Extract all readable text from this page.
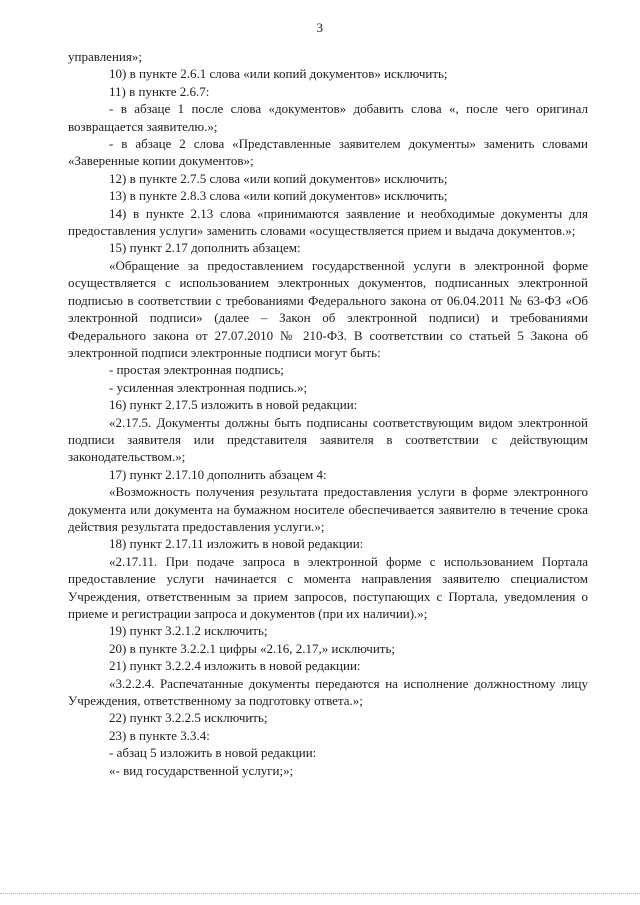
3

управления»;

10) в пункте 2.6.1 слова «или копий документов» исключить;

11) в пункте 2.6.7:

- в абзаце 1 после слова «документов» добавить слова «, после чего оригинал возвращается заявителю.»;

- в абзаце 2 слова «Представленные заявителем документы» заменить словами «Заверенные копии документов»;

12) в пункте 2.7.5 слова «или копий документов» исключить;

13) в пункте 2.8.3 слова «или копий документов» исключить;

14) в пункте 2.13 слова «принимаются заявление и необходимые документы для предоставления услуги» заменить словами «осуществляется прием и выдача документов.»;

15) пункт 2.17 дополнить абзацем:

«Обращение за предоставлением государственной услуги в электронной форме осуществляется с использованием электронных документов, подписанных электронной подписью в соответствии с требованиями Федерального закона от 06.04.2011 № 63-ФЗ «Об электронной подписи» (далее – Закон об электронной подписи) и требованиями Федерального закона от 27.07.2010 № 210-ФЗ. В соответствии со статьей 5 Закона об электронной подписи электронные подписи могут быть:

- простая электронная подпись;

- усиленная электронная подпись.»;

16) пункт 2.17.5 изложить в новой редакции:

«2.17.5. Документы должны быть подписаны соответствующим видом электронной подписи заявителя или представителя заявителя в соответствии с действующим законодательством.»;

17) пункт 2.17.10 дополнить абзацем 4:

«Возможность получения результата предоставления услуги в форме электронного документа или документа на бумажном носителе обеспечивается заявителю в течение срока действия результата предоставления услуги.»;

18) пункт 2.17.11 изложить в новой редакции:

«2.17.11. При подаче запроса в электронной форме с использованием Портала предоставление услуги начинается с момента направления заявителю специалистом Учреждения, ответственным за прием запросов, поступающих с Портала, уведомления о приеме и регистрации запроса и документов (при их наличии).»;

19) пункт 3.2.1.2 исключить;

20) в пункте 3.2.2.1 цифры «2.16, 2.17,» исключить;

21) пункт 3.2.2.4 изложить в новой редакции:

«3.2.2.4. Распечатанные документы передаются на исполнение должностному лицу Учреждения, ответственному за подготовку ответа.»;

22) пункт 3.2.2.5 исключить;

23) в пункте 3.3.4:

- абзац 5 изложить в новой редакции:

«- вид государственной услуги;»;
